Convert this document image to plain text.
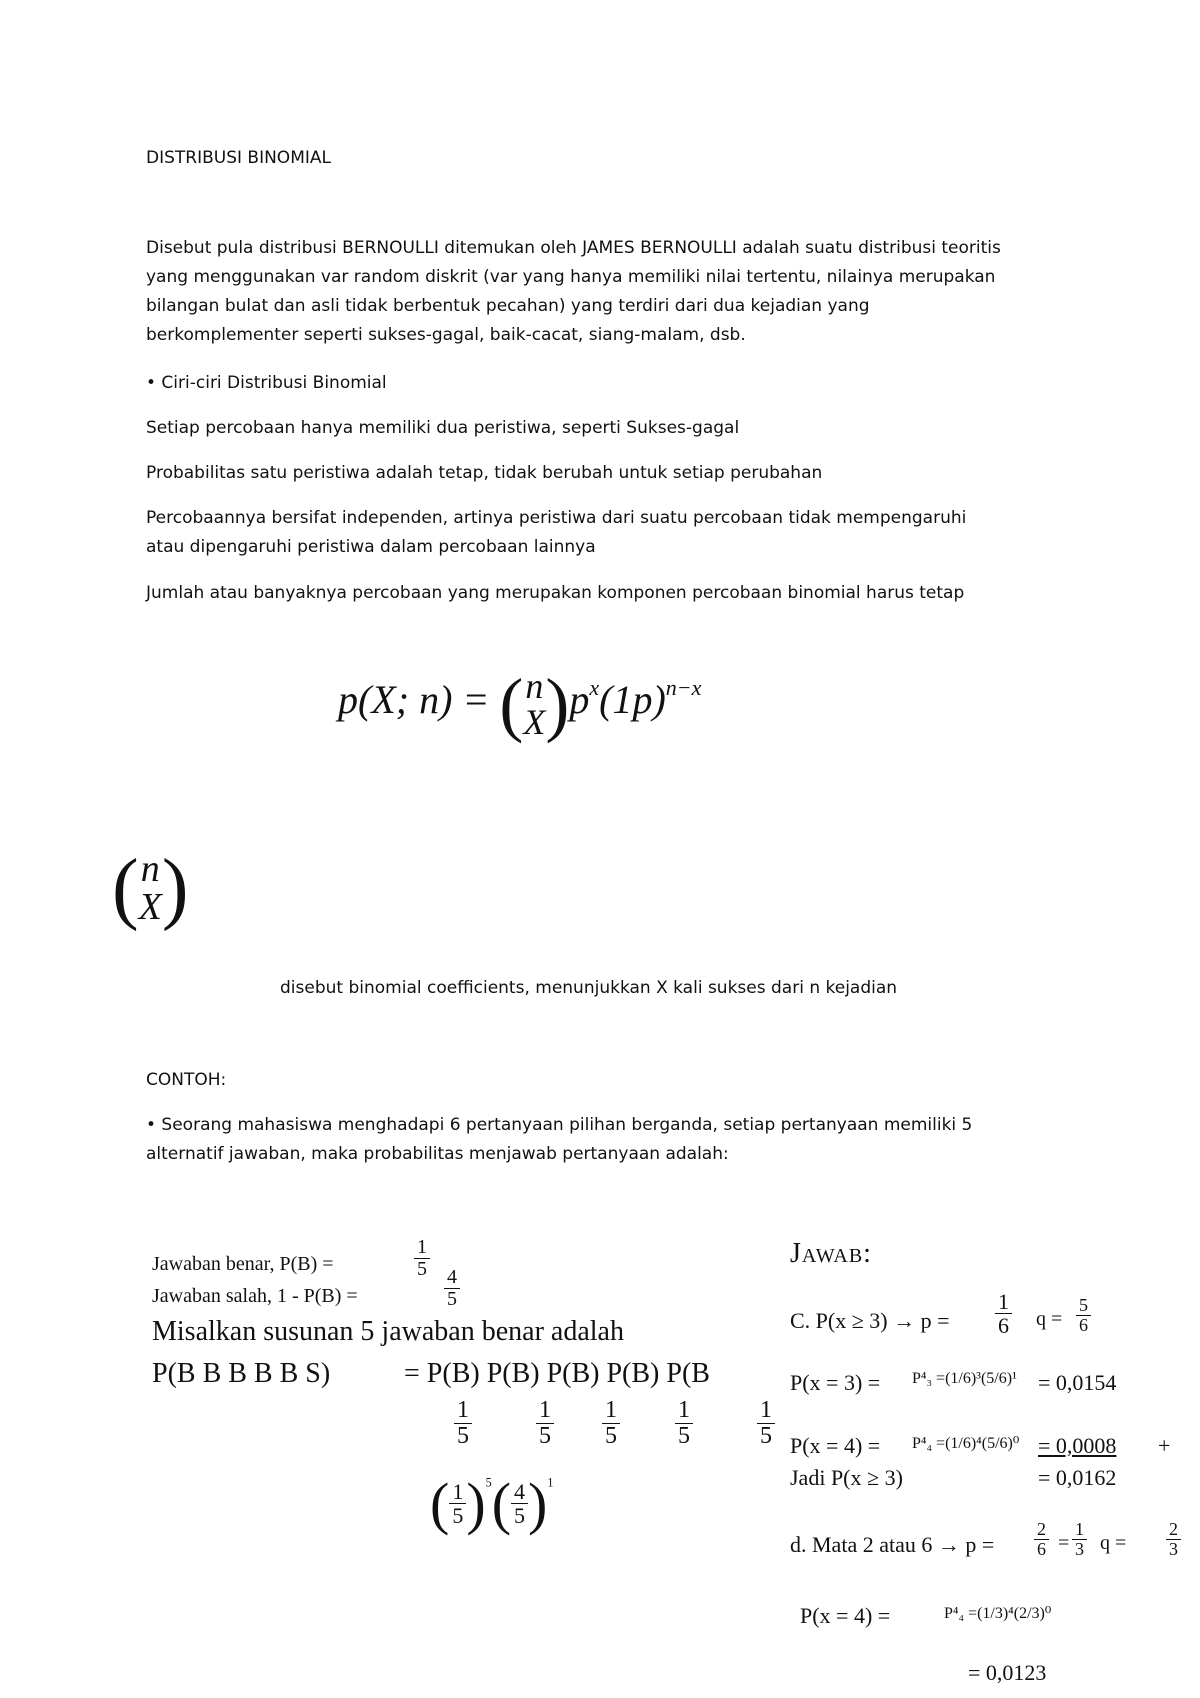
DISTRIBUSI BINOMIAL
Disebut pula distribusi BERNOULLI ditemukan oleh JAMES BERNOULLI adalah suatu distribusi teoritis
yang menggunakan var random diskrit (var yang hanya memiliki nilai tertentu, nilainya merupakan
bilangan bulat dan asli tidak berbentuk pecahan) yang terdiri dari dua kejadian yang
berkomplementer seperti sukses-gagal, baik-cacat, siang-malam, dsb.
• Ciri-ciri Distribusi Binomial
Setiap percobaan hanya memiliki dua peristiwa, seperti Sukses-gagal
Probabilitas satu peristiwa adalah tetap, tidak berubah untuk setiap perubahan
Percobaannya bersifat independen, artinya peristiwa dari suatu percobaan tidak mempengaruhi
atau dipengaruhi peristiwa dalam percobaan lainnya
Jumlah atau banyaknya percobaan yang merupakan komponen percobaan binomial harus tetap
p(X; n) = ( n
X ) $p^x(1p)^{n-x}$
( n
X )
disebut binomial coefficients, menunjukkan X kali sukses dari n kejadian
CONTOH:
• Seorang mahasiswa menghadapi 6 pertanyaan pilihan berganda, setiap pertanyaan memiliki 5
alternatif jawaban, maka probabilitas menjawab pertanyaan adalah:
Jawaban benar, P(B) =	$\frac{1}{5}$
Jawaban salah, 1 - P(B) =	$\frac{4}{5}$
Misalkan susunan 5 jawaban benar adalah
P(B B B B B S)	= P(B) P(B) P(B) P(B) P(B
$\frac{1}{5}$	$\frac{1}{5} \frac{1}{5} \frac{1}{5}$	$\frac{1}{5}$
( $\frac{1}{5} )^5( \frac{4}{5} )^1$
Jawab:
C. $P(x \ge 3) \to p = \frac{1}{6}$ $q = \frac{5}{6}$
P(x = 3) = P⁴₃ =(1/6)³(5/6)¹ = 0,0154
P(x = 4) = P⁴₄ =(1/6)⁴(5/6)⁰ = 0,0008 +
Jadi P(x ≥ 3)	= 0,0162
d. Mata 2 atau $6 \to p = \frac{2}{6} = \frac{1}{3}$ $q = \frac{2}{3}$
P(x = 4) =	P⁴₄ =(1/3)⁴(2/3)⁰
= 0,0123
